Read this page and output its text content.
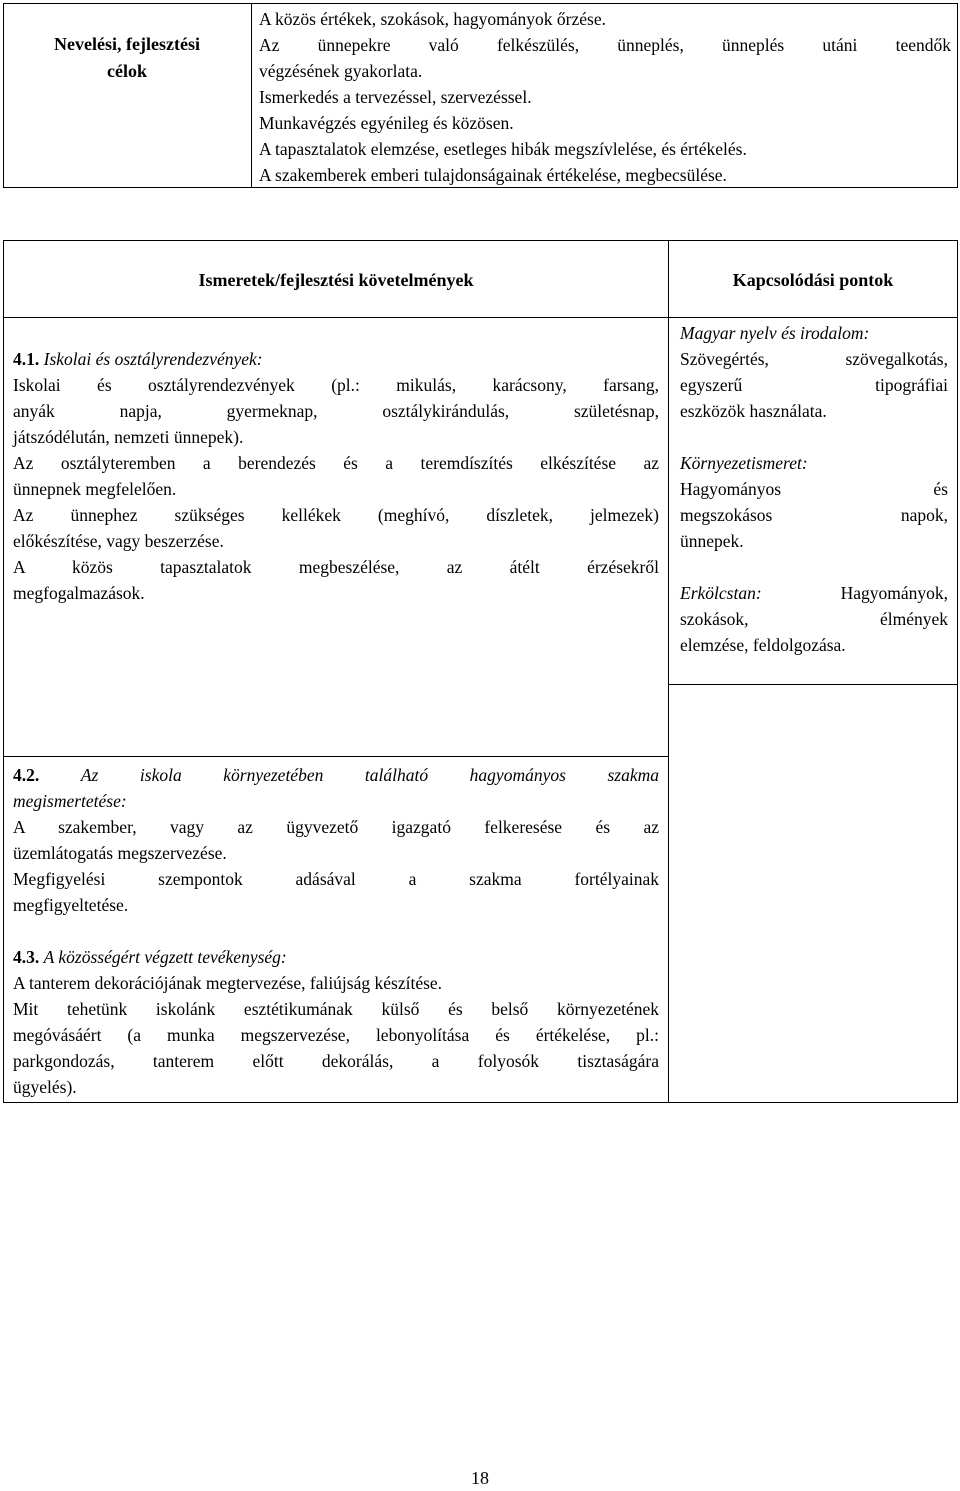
Nevelési, fejlesztési
célok
A közös értékek, szokások, hagyományok őrzése.
Az ünnepekre való felkészülés, ünneplés, ünneplés utáni teendők
végzésének gyakorlata.
Ismerkedés a tervezéssel, szervezéssel.
Munkavégzés egyénileg és közösen.
A tapasztalatok elemzése, esetleges hibák megszívlelése, és értékelés.
A szakemberek emberi tulajdonságainak értékelése, megbecsülése.
Ismeretek/fejlesztési követelmények	Kapcsolódási pontok
4.1. Iskolai és osztályrendezvények:
Iskolai és osztályrendezvények (pl.: mikulás, karácsony, farsang,
anyák napja, gyermeknap, osztálykirándulás, születésnap,
játszódélután, nemzeti ünnepek).
Az osztályteremben a berendezés és a teremdíszítés elkészítése az
ünnepnek megfelelően.
Az ünnephez szükséges kellékek (meghívó, díszletek, jelmezek)
előkészítése, vagy beszerzése.
A közös tapasztalatok megbeszélése, az átélt érzésekről
megfogalmazások.
Magyar nyelv és irodalom:
Szövegértés, szövegalkotás,
egyszerű tipográfiai
eszközök használata.
Környezetismeret:
Hagyományos és
megszokásos napok,
ünnepek.
Erkölcstan:	Hagyományok,
szokások, élmények
elemzése, feldolgozása.
4.2. Az iskola környezetében található hagyományos szakma
megismertetése:
A szakember, vagy az ügyvezető igazgató felkeresése és az
üzemlátogatás megszervezése.
Megfigyelési szempontok adásával a szakma fortélyainak
megfigyeltetése.
4.3. A közösségért végzett tevékenység:
A tanterem dekorációjának megtervezése, faliújság készítése.
Mit tehetünk iskolánk esztétikumának külső és belső környezetének
megóvásáért (a munka megszervezése, lebonyolítása és értékelése, pl.:
parkgondozás, tanterem előtt dekorálás, a folyosók tisztaságára
ügyelés).
18
